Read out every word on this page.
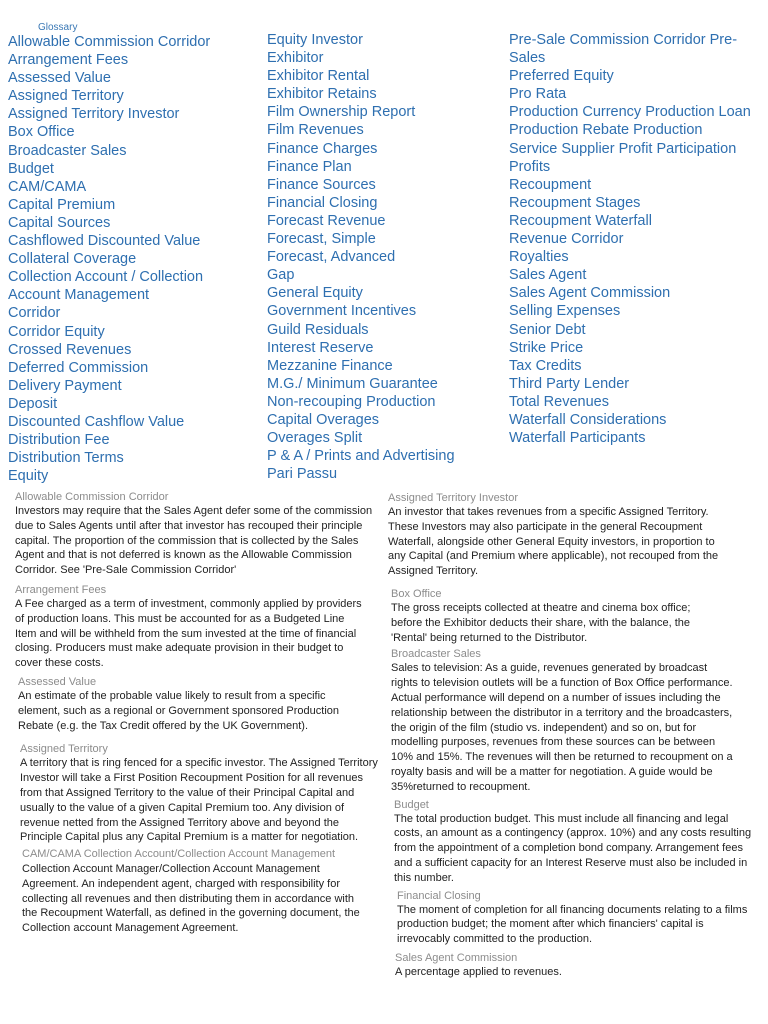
Glossary
Allowable Commission Corridor
Arrangement Fees
Assessed Value
Assigned Territory
Assigned Territory Investor
Box Office
Broadcaster Sales
Budget
CAM/CAMA
Capital Premium
Capital Sources
Cashflowed Discounted Value
Collateral Coverage
Collection Account / Collection
Account Management
Corridor
Corridor Equity
Crossed Revenues
Deferred Commission
Delivery Payment
Deposit
Discounted Cashflow Value
Distribution Fee
Distribution Terms
Equity
Equity Investor
Exhibitor
Exhibitor Rental
Exhibitor Retains
Film Ownership Report
Film Revenues
Finance Charges
Finance Plan
Finance Sources
Financial Closing
Forecast Revenue
Forecast, Simple
Forecast, Advanced
Gap
General Equity
Government Incentives
Guild Residuals
Interest Reserve
Mezzanine Finance
M.G./ Minimum Guarantee
Non-recouping Production
Capital Overages
Overages Split
P & A / Prints and Advertising
Pari Passu
Pre-Sale Commission Corridor Pre-Sales
Preferred Equity
Pro Rata
Production Currency Production Loan
Production Rebate Production
Service Supplier Profit Participation
Profits
Recoupment
Recoupment Stages
Recoupment Waterfall
Revenue Corridor
Royalties
Sales Agent
Sales Agent Commission
Selling Expenses
Senior Debt
Strike Price
Tax Credits
Third Party Lender
Total Revenues
Waterfall Considerations
Waterfall Participants
Allowable Commission Corridor
Investors may require that the Sales Agent defer some of the commission due to Sales Agents until after that investor has recouped their principle capital. The proportion of the commission that is collected by the Sales Agent and that is not deferred is known as the Allowable Commission Corridor. See 'Pre-Sale Commission Corridor'
Arrangement Fees
A Fee charged as a term of investment, commonly applied by providers of production loans. This must be accounted for as a Budgeted Line Item and will be withheld from the sum invested at the time of financial closing. Producers must make adequate provision in their budget to cover these costs.
Assessed Value
An estimate of the probable value likely to result from a specific element, such as a regional or Government sponsored Production Rebate (e.g. the Tax Credit offered by the UK Government).
Assigned Territory
A territory that is ring fenced for a specific investor. The Assigned Territory Investor will take a First Position Recoupment Position for all revenues from that Assigned Territory to the value of their Principal Capital and usually to the value of a given Capital Premium too. Any division of revenue netted from the Assigned Territory above and beyond the Principle Capital plus any Capital Premium is a matter for negotiation.
CAM/CAMA Collection Account/Collection Account Management Collection Account Manager/Collection Account Management Agreement. An independent agent, charged with responsibility for collecting all revenues and then distributing them in accordance with the Recoupment Waterfall, as defined in the governing document, the Collection account Management Agreement.
Assigned Territory Investor
An investor that takes revenues from a specific Assigned Territory. These Investors may also participate in the general Recoupment Waterfall, alongside other General Equity investors, in proportion to any Capital (and Premium where applicable), not recouped from the Assigned Territory.
Box Office
The gross receipts collected at theatre and cinema box office; before the Exhibitor deducts their share, with the balance, the 'Rental' being returned to the Distributor.
Broadcaster Sales
Sales to television: As a guide, revenues generated by broadcast rights to television outlets will be a function of Box Office performance. Actual performance will depend on a number of issues including the relationship between the distributor in a territory and the broadcasters, the origin of the film (studio vs. independent) and so on, but for modelling purposes, revenues from these sources can be between 10% and 15%. The revenues will then be returned to recoupment on a royalty basis and will be a matter for negotiation. A guide would be 35%returned to recoupment.
Budget
The total production budget. This must include all financing and legal costs, an amount as a contingency (approx. 10%) and any costs resulting from the appointment of a completion bond company. Arrangement fees and a sufficient capacity for an Interest Reserve must also be included in this number.
Financial Closing
The moment of completion for all financing documents relating to a films production budget; the moment after which financiers' capital is irrevocably committed to the production.
Sales Agent Commission
A percentage applied to revenues.
